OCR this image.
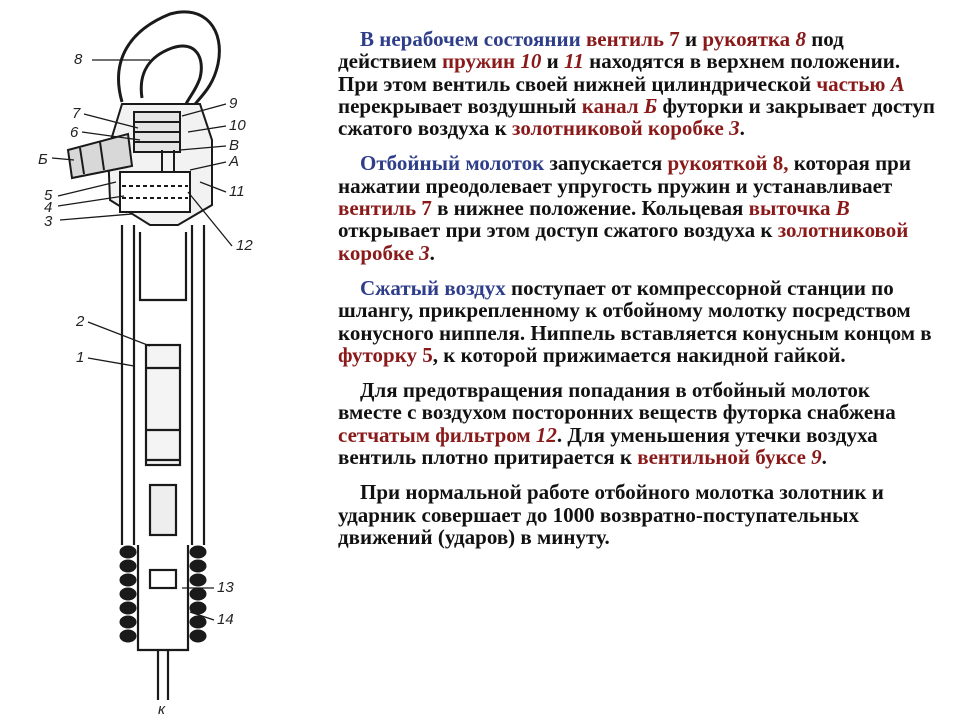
8
7
6
Б
5
4
3
2
1
9
10
В
А
11
12
13
14
к

В нерабочем состоянии вентиль 7 и рукоятка 8 под действием пружин 10 и 11 находятся в верхнем положении. При этом вентиль своей нижней цилиндрической частью А перекрывает воздушный канал Б футорки и закрывает доступ сжатого воздуха к золотниковой коробке 3.

Отбойный молоток запускается рукояткой 8, которая при нажатии преодолевает упругость пружин и устанавливает вентиль 7 в нижнее положение. Кольцевая выточка В открывает при этом доступ сжатого воздуха к золотниковой коробке 3.

Сжатый воздух поступает от компрессорной станции по шлангу, прикрепленному к отбойному молотку посредством конусного ниппеля. Ниппель вставляется конусным концом в футорку 5, к которой прижимается накидной гайкой.

Для предотвращения попадания в отбойный молоток вместе с воздухом посторонних веществ футорка снабжена сетчатым фильтром 12. Для уменьшения утечки воздуха вентиль плотно притирается к вентильной буксе 9.

При нормальной работе отбойного молотка золотник и ударник совершает до 1000 возвратно-поступательных движений (ударов) в минуту.
